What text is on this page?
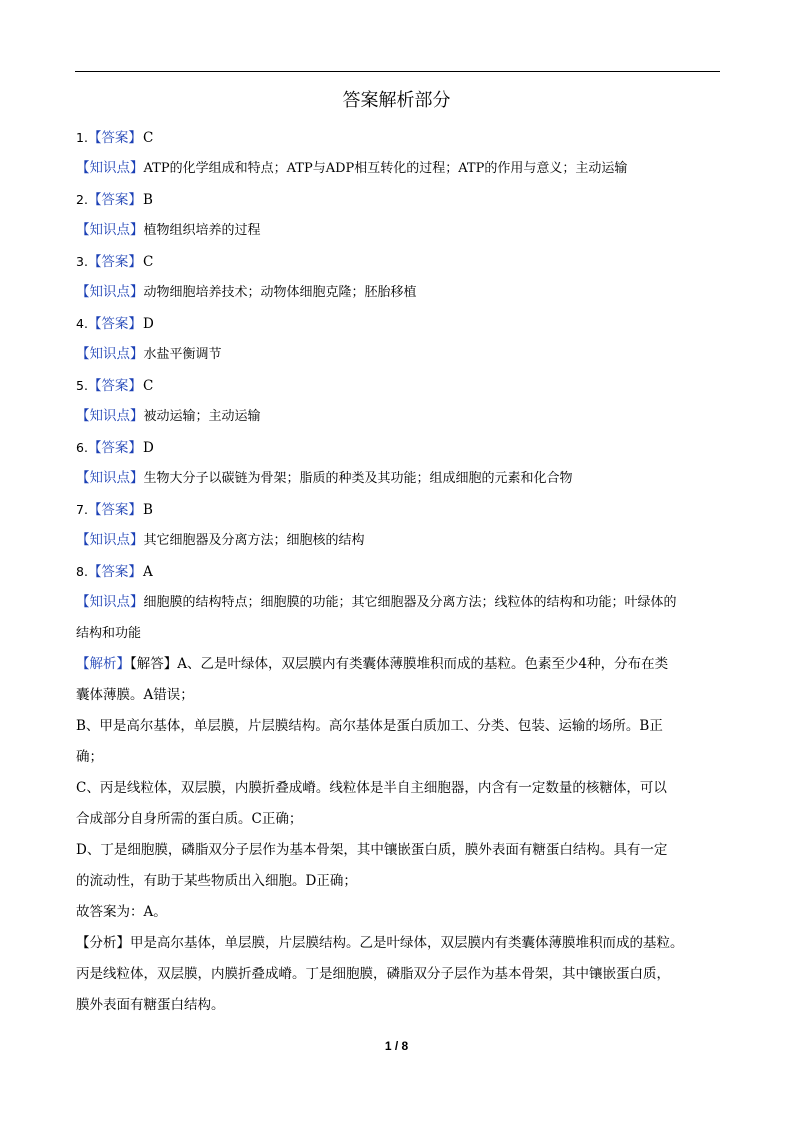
答案解析部分
1.【答案】C
【知识点】ATP的化学组成和特点；ATP与ADP相互转化的过程；ATP的作用与意义；主动运输
2.【答案】B
【知识点】植物组织培养的过程
3.【答案】C
【知识点】动物细胞培养技术；动物体细胞克隆；胚胎移植
4.【答案】D
【知识点】水盐平衡调节
5.【答案】C
【知识点】被动运输；主动运输
6.【答案】D
【知识点】生物大分子以碳链为骨架；脂质的种类及其功能；组成细胞的元素和化合物
7.【答案】B
【知识点】其它细胞器及分离方法；细胞核的结构
8.【答案】A
【知识点】细胞膜的结构特点；细胞膜的功能；其它细胞器及分离方法；线粒体的结构和功能；叶绿体的
结构和功能
【解析】【解答】A、乙是叶绿体，双层膜内有类囊体薄膜堆积而成的基粒。色素至少4种，分布在类
囊体薄膜。A错误；
B、甲是高尔基体，单层膜，片层膜结构。高尔基体是蛋白质加工、分类、包装、运输的场所。B正
确；
C、丙是线粒体，双层膜，内膜折叠成嵴。线粒体是半自主细胞器，内含有一定数量的核糖体，可以
合成部分自身所需的蛋白质。C正确；
D、丁是细胞膜，磷脂双分子层作为基本骨架，其中镶嵌蛋白质，膜外表面有糖蛋白结构。具有一定
的流动性，有助于某些物质出入细胞。D正确；
故答案为：A。
【分析】甲是高尔基体，单层膜，片层膜结构。乙是叶绿体，双层膜内有类囊体薄膜堆积而成的基粒。
丙是线粒体，双层膜，内膜折叠成嵴。丁是细胞膜，磷脂双分子层作为基本骨架，其中镶嵌蛋白质，
膜外表面有糖蛋白结构。
1 / 8
